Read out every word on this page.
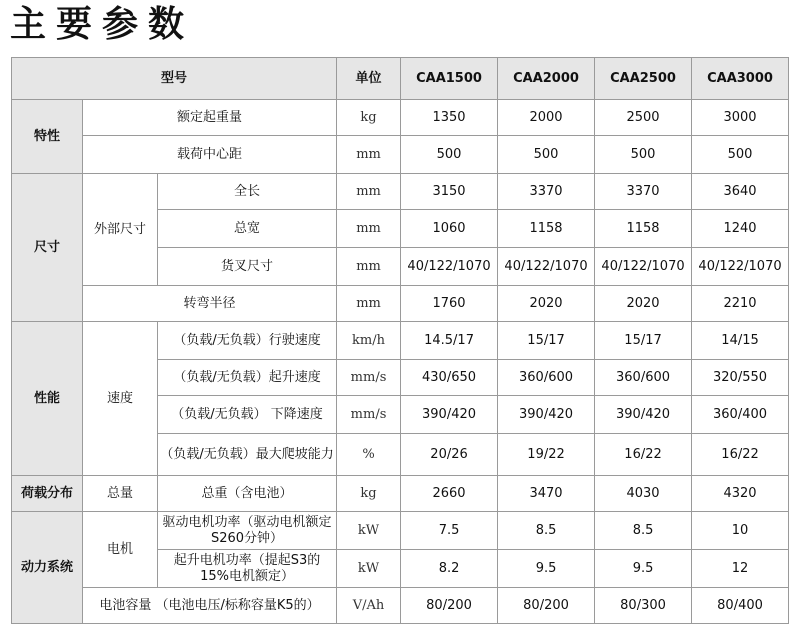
主要参数
型号			单位	CAA1500	CAA2000	CAA2500	CAA3000
特性	额定起重量		kg	1350	2000	2500	3000
	载荷中心距		mm	500	500	500	500
尺寸	外部尺寸	全长	mm	3150	3370	3370	3640
		总宽	mm	1060	1158	1158	1240
		货叉尺寸	mm	40/122/1070	40/122/1070	40/122/1070	40/122/1070
	转弯半径		mm	1760	2020	2020	2210
性能	速度	（负载/无负载）行驶速度	km/h	14.5/17	15/17	15/17	14/15
		（负载/无负载）起升速度	mm/s	430/650	360/600	360/600	320/550
		（负载/无负载） 下降速度	mm/s	390/420	390/420	390/420	360/400
		（负载/无负载）最大爬坡能力	%	20/26	19/22	16/22	16/22
荷载分布	总量	总重（含电池）	kg	2660	3470	4030	4320
动力系统	电机	驱动电机功率（驱动电机额定S260分钟）	kW	7.5	8.5	8.5	10
		起升电机功率（提起S3的15%电机额定）	kW	8.2	9.5	9.5	12
	电池容量 （电池电压/标称容量K5的）		V/Ah	80/200	80/200	80/300	80/400
